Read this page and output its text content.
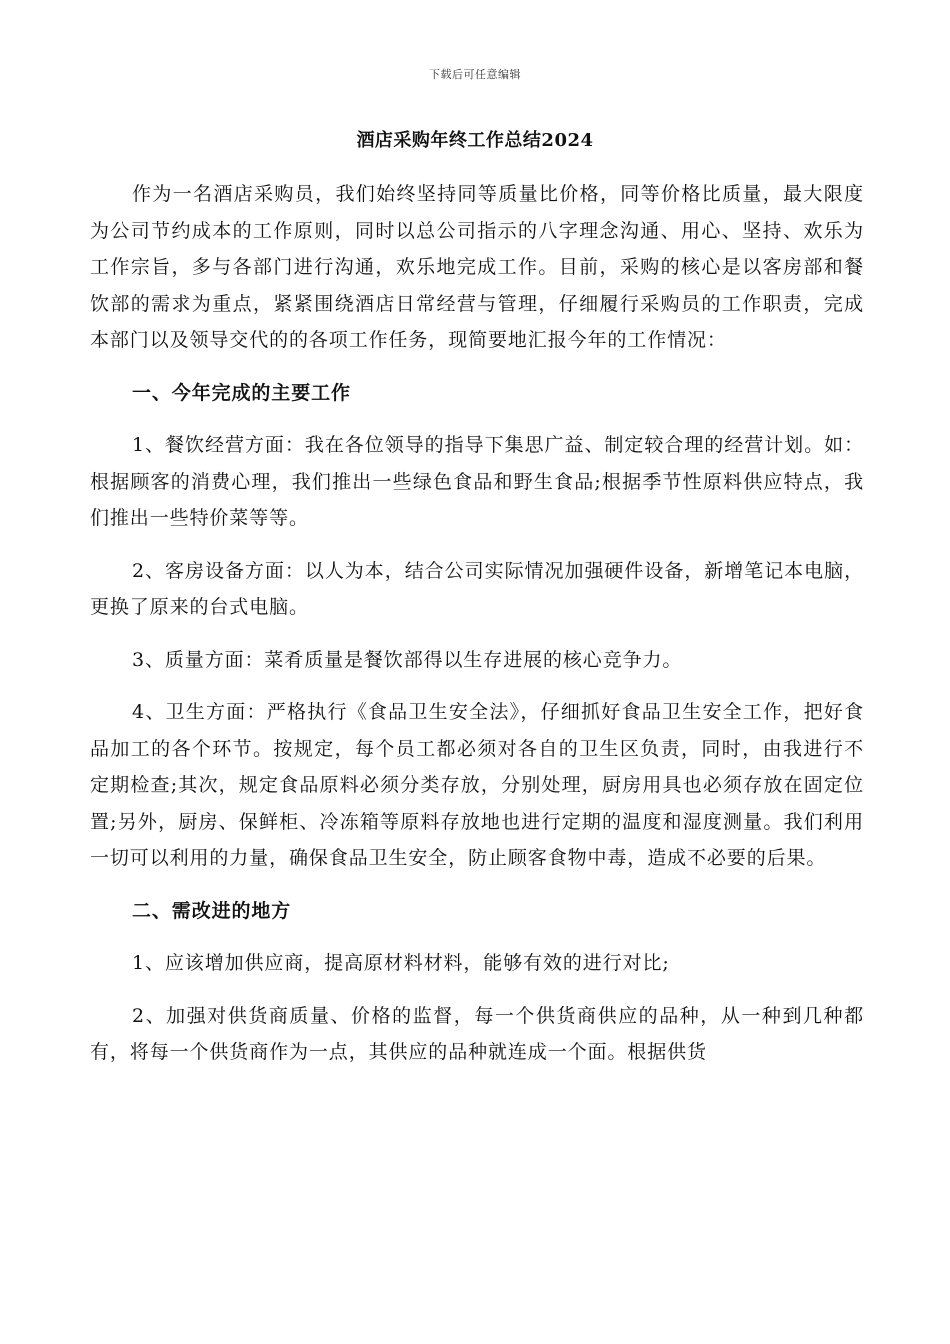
下载后可任意编辑
酒店采购年终工作总结2024

作为一名酒店采购员，我们始终坚持同等质量比价格，同等价格比质量，最大限度为公司节约成本的工作原则，同时以总公司指示的八字理念沟通、用心、坚持、欢乐为工作宗旨，多与各部门进行沟通，欢乐地完成工作。目前，采购的核心是以客房部和餐饮部的需求为重点，紧紧围绕酒店日常经营与管理，仔细履行采购员的工作职责，完成本部门以及领导交代的的各项工作任务，现简要地汇报今年的工作情况：

一、今年完成的主要工作

1、餐饮经营方面：我在各位领导的指导下集思广益、制定较合理的经营计划。如：根据顾客的消费心理，我们推出一些绿色食品和野生食品;根据季节性原料供应特点，我们推出一些特价菜等等。

2、客房设备方面：以人为本，结合公司实际情况加强硬件设备，新增笔记本电脑，更换了原来的台式电脑。

3、质量方面：菜肴质量是餐饮部得以生存进展的核心竞争力。

4、卫生方面：严格执行《食品卫生安全法》，仔细抓好食品卫生安全工作，把好食品加工的各个环节。按规定，每个员工都必须对各自的卫生区负责，同时，由我进行不定期检查;其次，规定食品原料必须分类存放，分别处理，厨房用具也必须存放在固定位置;另外，厨房、保鲜柜、冷冻箱等原料存放地也进行定期的温度和湿度测量。我们利用一切可以利用的力量，确保食品卫生安全，防止顾客食物中毒，造成不必要的后果。

二、需改进的地方

1、应该增加供应商，提高原材料材料，能够有效的进行对比;

2、加强对供货商质量、价格的监督，每一个供货商供应的品种，从一种到几种都有，将每一个供货商作为一点，其供应的品种就连成一个面。根据供货
